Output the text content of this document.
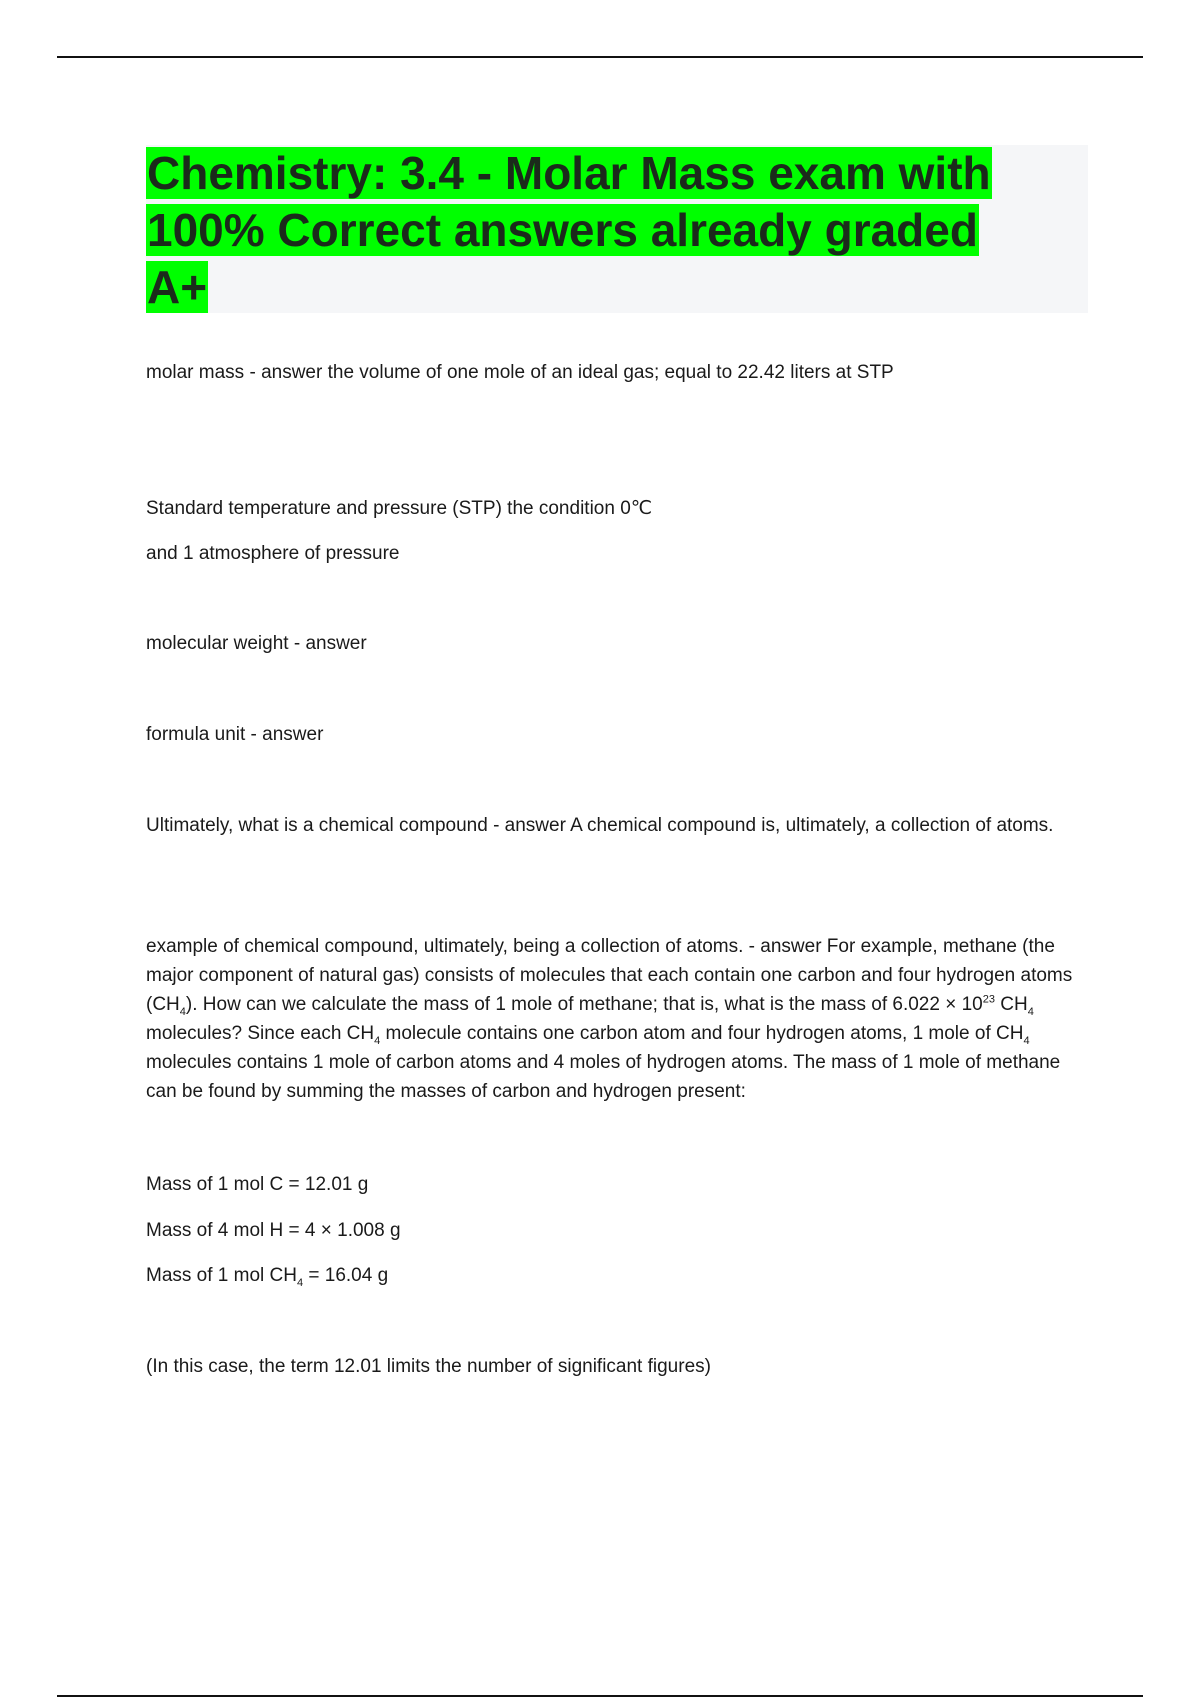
Chemistry: 3.4 - Molar Mass exam with 100% Correct answers already graded A+

molar mass - answer the volume of one mole of an ideal gas; equal to 22.42 liters at STP

Standard temperature and pressure (STP) the condition 0℃

and 1 atmosphere of pressure

molecular weight - answer

formula unit - answer

Ultimately, what is a chemical compound - answer A chemical compound is, ultimately, a collection of atoms.

example of chemical compound, ultimately, being a collection of atoms. - answer For example, methane (the major component of natural gas) consists of molecules that each contain one carbon and four hydrogen atoms $(CH_4)$. How can we calculate the mass of 1 mole of methane; that is, what is the mass of $6.022 \times 10^{23}$ $CH_4$ molecules? Since each $CH_4$ molecule contains one carbon atom and four hydrogen atoms, 1 mole of $CH_4$ molecules contains 1 mole of carbon atoms and 4 moles of hydrogen atoms. The mass of 1 mole of methane can be found by summing the masses of carbon and hydrogen present:

Mass of 1 mol C = 12.01 g

Mass of 4 mol H = 4 × 1.008 g

Mass of 1 mol $CH_4 = 16.04$ g

(In this case, the term 12.01 limits the number of significant figures)
